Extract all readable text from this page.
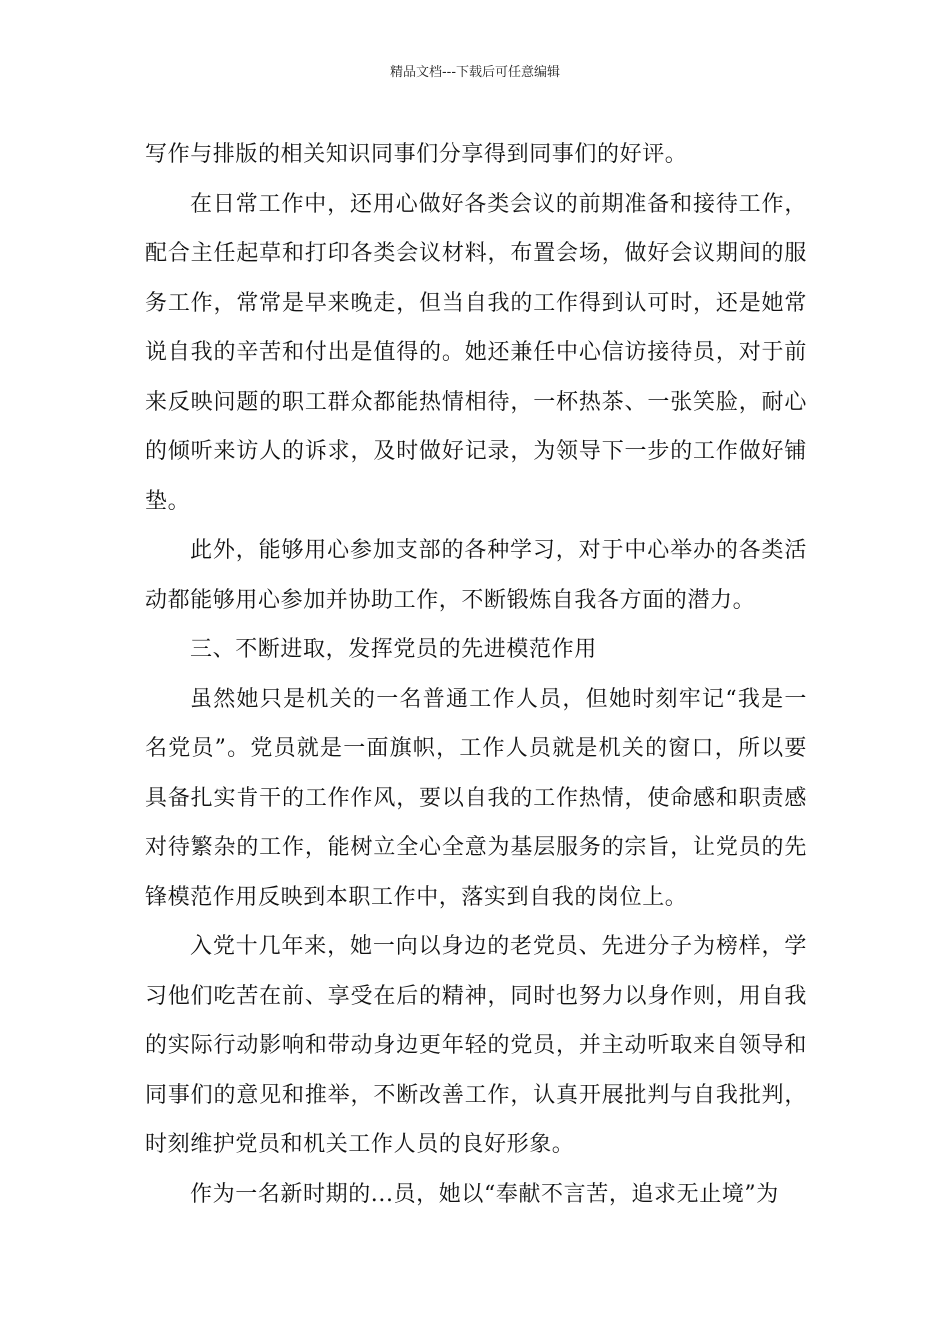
精品文档---下载后可任意编辑

写作与排版的相关知识同事们分享得到同事们的好评。

在日常工作中，还用心做好各类会议的前期准备和接待工作，配合主任起草和打印各类会议材料，布置会场，做好会议期间的服务工作，常常是早来晚走，但当自我的工作得到认可时，还是她常说自我的辛苦和付出是值得的。她还兼任中心信访接待员，对于前来反映问题的职工群众都能热情相待，一杯热茶、一张笑脸，耐心的倾听来访人的诉求，及时做好记录，为领导下一步的工作做好铺垫。

此外，能够用心参加支部的各种学习，对于中心举办的各类活动都能够用心参加并协助工作，不断锻炼自我各方面的潜力。

三、不断进取，发挥党员的先进模范作用

虽然她只是机关的一名普通工作人员，但她时刻牢记“我是一名党员”。党员就是一面旗帜，工作人员就是机关的窗口，所以要具备扎实肯干的工作作风，要以自我的工作热情，使命感和职责感对待繁杂的工作，能树立全心全意为基层服务的宗旨，让党员的先锋模范作用反映到本职工作中，落实到自我的岗位上。

入党十几年来，她一向以身边的老党员、先进分子为榜样，学习他们吃苦在前、享受在后的精神，同时也努力以身作则，用自我的实际行动影响和带动身边更年轻的党员，并主动听取来自领导和同事们的意见和推举，不断改善工作，认真开展批判与自我批判，时刻维护党员和机关工作人员的良好形象。

作为一名新时期的...员，她以“奉献不言苦，追求无止境”为
